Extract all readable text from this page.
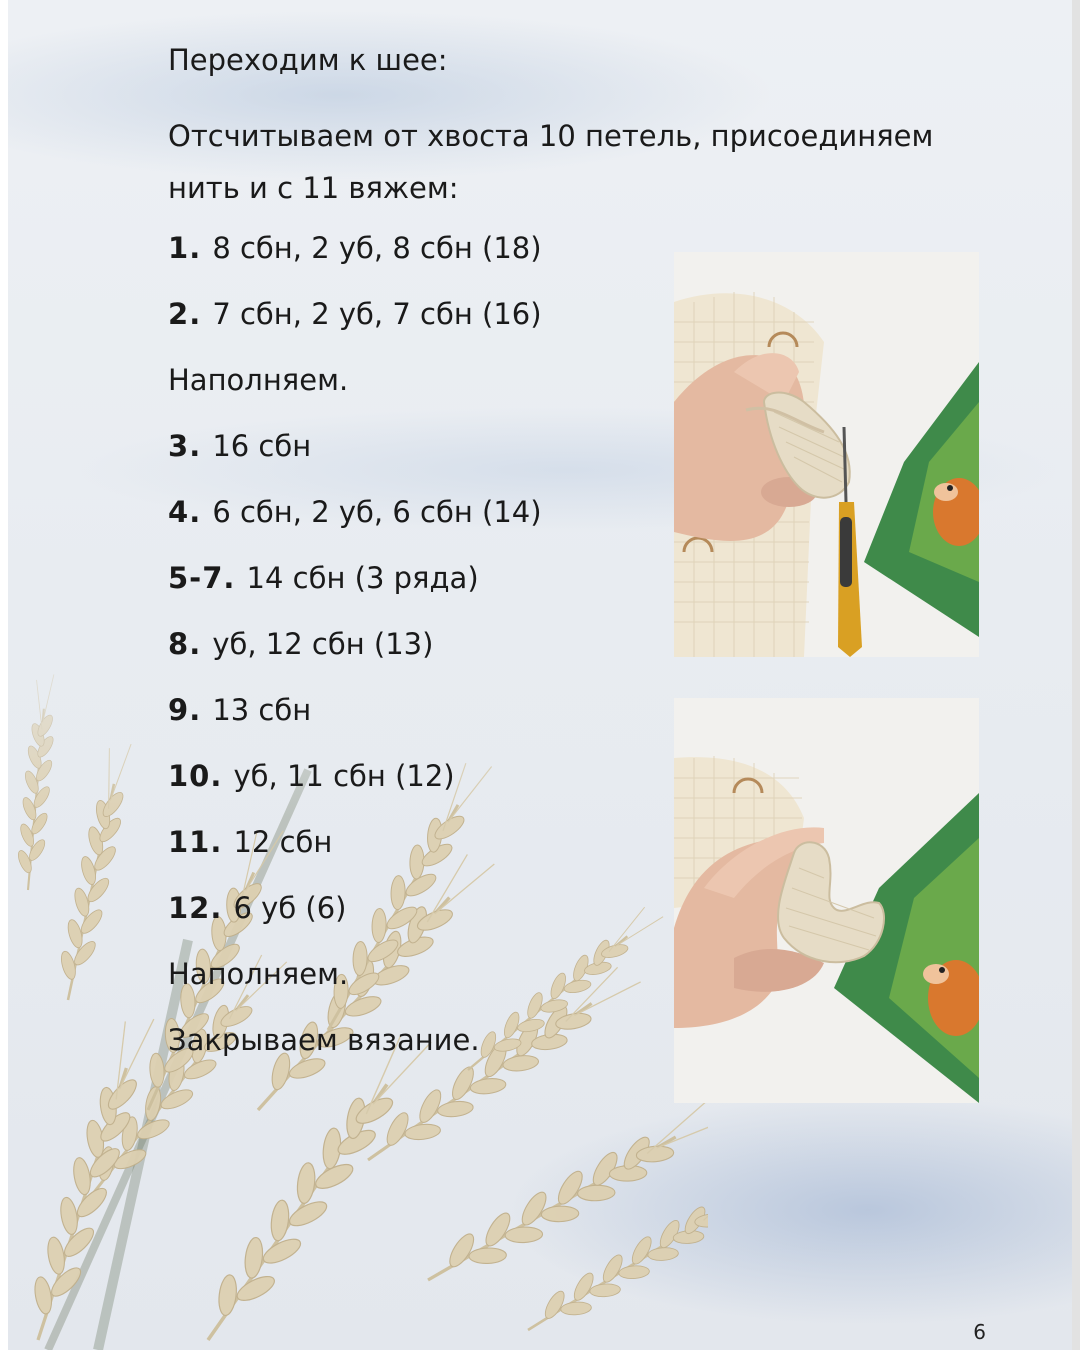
Переходим к шее:

Отсчитываем от хвоста 10 петель, присоединяем нить и с 11 вяжем:

1. 8 сбн, 2 уб, 8 сбн (18)

2. 7 сбн, 2 уб, 7 сбн (16)

Наполняем.

3. 16 сбн

4. 6 сбн, 2 уб, 6 сбн (14)

5-7. 14 сбн (3 ряда)

8. уб, 12 сбн (13)

9. 13 сбн

10. уб, 11 сбн (12)

11. 12 сбн

12. 6 уб (6)

Наполняем.

Закрываем вязание.

6
